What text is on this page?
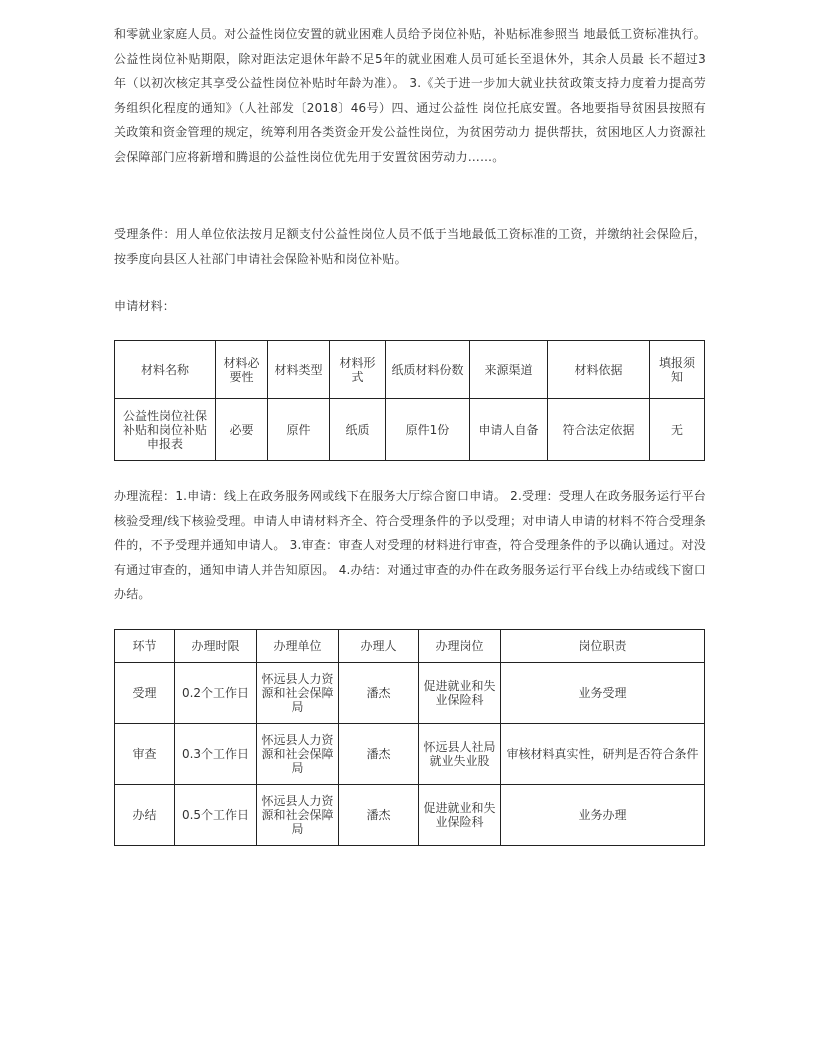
和零就业家庭人员。对公益性岗位安置的就业困难人员给予岗位补贴，补贴标准参照当 地最低工资标准执行。公益性岗位补贴期限，除对距法定退休年龄不足5年的就业困难人员可延长至退休外，其余人员最 长不超过3年（以初次核定其享受公益性岗位补贴时年龄为准）。 3.《关于进一步加大就业扶贫政策支持力度着力提高劳务组织化程度的通知》（人社部发〔2018〕46号）四、通过公益性 岗位托底安置。各地要指导贫困县按照有关政策和资金管理的规定，统筹利用各类资金开发公益性岗位，为贫困劳动力 提供帮扶，贫困地区人力资源社会保障部门应将新增和腾退的公益性岗位优先用于安置贫困劳动力……。

受理条件：用人单位依法按月足额支付公益性岗位人员不低于当地最低工资标准的工资，并缴纳社会保险后，按季度向县区人社部门申请社会保险补贴和岗位补贴。

申请材料：

材料名称	材料必要性	材料类型	材料形式	纸质材料份数	来源渠道	材料依据	填报须知
公益性岗位社保补贴和岗位补贴申报表	必要	原件	纸质	原件1份	申请人自备	符合法定依据	无

办理流程：1.申请：线上在政务服务网或线下在服务大厅综合窗口申请。 2.受理：受理人在政务服务运行平台核验受理/线下核验受理。申请人申请材料齐全、符合受理条件的予以受理；对申请人申请的材料不符合受理条件的，不予受理并通知申请人。 3.审查：审查人对受理的材料进行审查，符合受理条件的予以确认通过。对没有通过审查的，通知申请人并告知原因。 4.办结：对通过审查的办件在政务服务运行平台线上办结或线下窗口办结。

环节	办理时限	办理单位	办理人	办理岗位	岗位职责
受理	0.2个工作日	怀远县人力资源和社会保障局	潘杰	促进就业和失业保险科	业务受理
审查	0.3个工作日	怀远县人力资源和社会保障局	潘杰	怀远县人社局就业失业股	审核材料真实性，研判是否符合条件
办结	0.5个工作日	怀远县人力资源和社会保障局	潘杰	促进就业和失业保险科	业务办理
